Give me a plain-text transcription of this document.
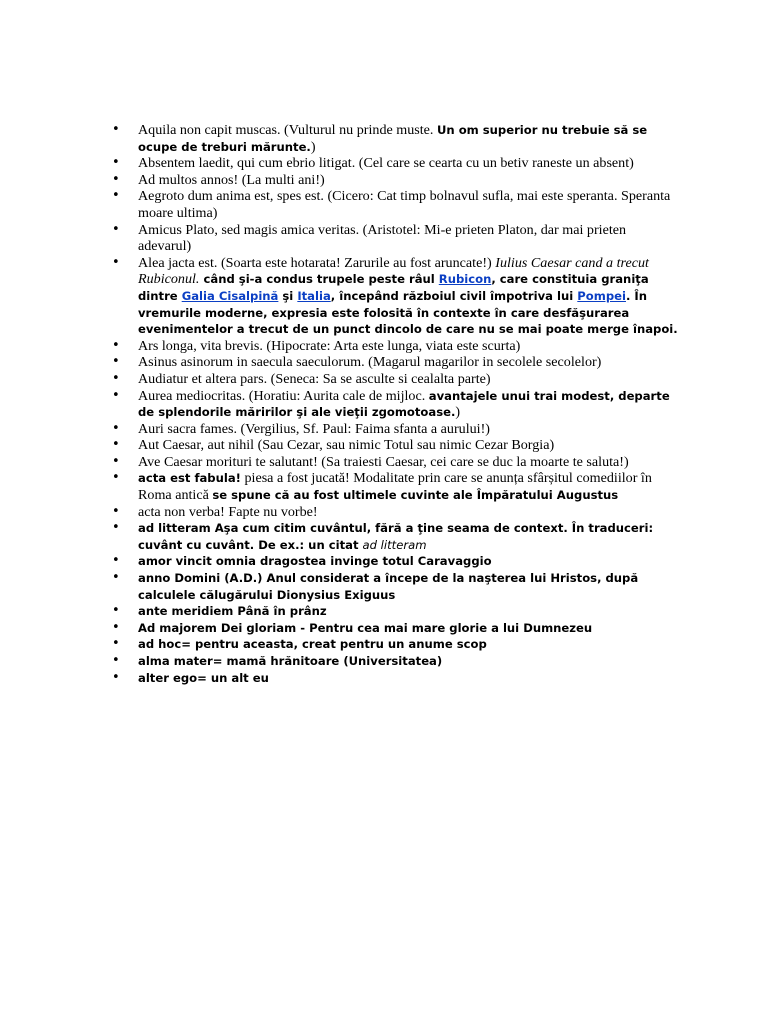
• Aquila non capit muscas. (Vulturul nu prinde muste. Un om superior nu trebuie să se ocupe de treburi mărunte.)
• Absentem laedit, qui cum ebrio litigat. (Cel care se cearta cu un betiv raneste un absent)
• Ad multos annos! (La multi ani!)
• Aegroto dum anima est, spes est. (Cicero: Cat timp bolnavul sufla, mai este speranta. Speranta moare ultima)
• Amicus Plato, sed magis amica veritas. (Aristotel: Mi-e prieten Platon, dar mai prieten adevarul)
• Alea jacta est. (Soarta este hotarata! Zarurile au fost aruncate!) Iulius Caesar cand a trecut Rubiconul. când şi-a condus trupele peste râul Rubicon, care constituia graniţa dintre Galia Cisalpină şi Italia, începând războiul civil împotriva lui Pompei. În vremurile moderne, expresia este folosită în contexte în care desfăşurarea evenimentelor a trecut de un punct dincolo de care nu se mai poate merge înapoi.
• Ars longa, vita brevis. (Hipocrate: Arta este lunga, viata este scurta)
• Asinus asinorum in saecula saeculorum. (Magarul magarilor in secolele secolelor)
• Audiatur et altera pars. (Seneca: Sa se asculte si cealalta parte)
• Aurea mediocritas. (Horatiu: Aurita cale de mijloc. avantajele unui trai modest, departe de splendorile măririlor şi ale vieţii zgomotoase.)
• Auri sacra fames. (Vergilius, Sf. Paul: Faima sfanta a aurului!)
• Aut Caesar, aut nihil (Sau Cezar, sau nimic Totul sau nimic Cezar Borgia)
• Ave Caesar morituri te salutant! (Sa traiesti Caesar, cei care se duc la moarte te saluta!)
• acta est fabula! piesa a fost jucată! Modalitate prin care se anunța sfârșitul comediilor în Roma antică se spune că au fost ultimele cuvinte ale Împăratului Augustus
• acta non verba! Fapte nu vorbe!
• ad litteram Aşa cum citim cuvântul, fără a ţine seama de context. În traduceri: cuvânt cu cuvânt. De ex.: un citat ad litteram
• amor vincit omnia dragostea invinge totul Caravaggio
• anno Domini (A.D.) Anul considerat a începe de la naşterea lui Hristos, după calculele călugărului Dionysius Exiguus
• ante meridiem Până în prânz
• Ad majorem Dei gloriam - Pentru cea mai mare glorie a lui Dumnezeu
• ad hoc= pentru aceasta, creat pentru un anume scop
• alma mater= mamă hrănitoare (Universitatea)
• alter ego= un alt eu
